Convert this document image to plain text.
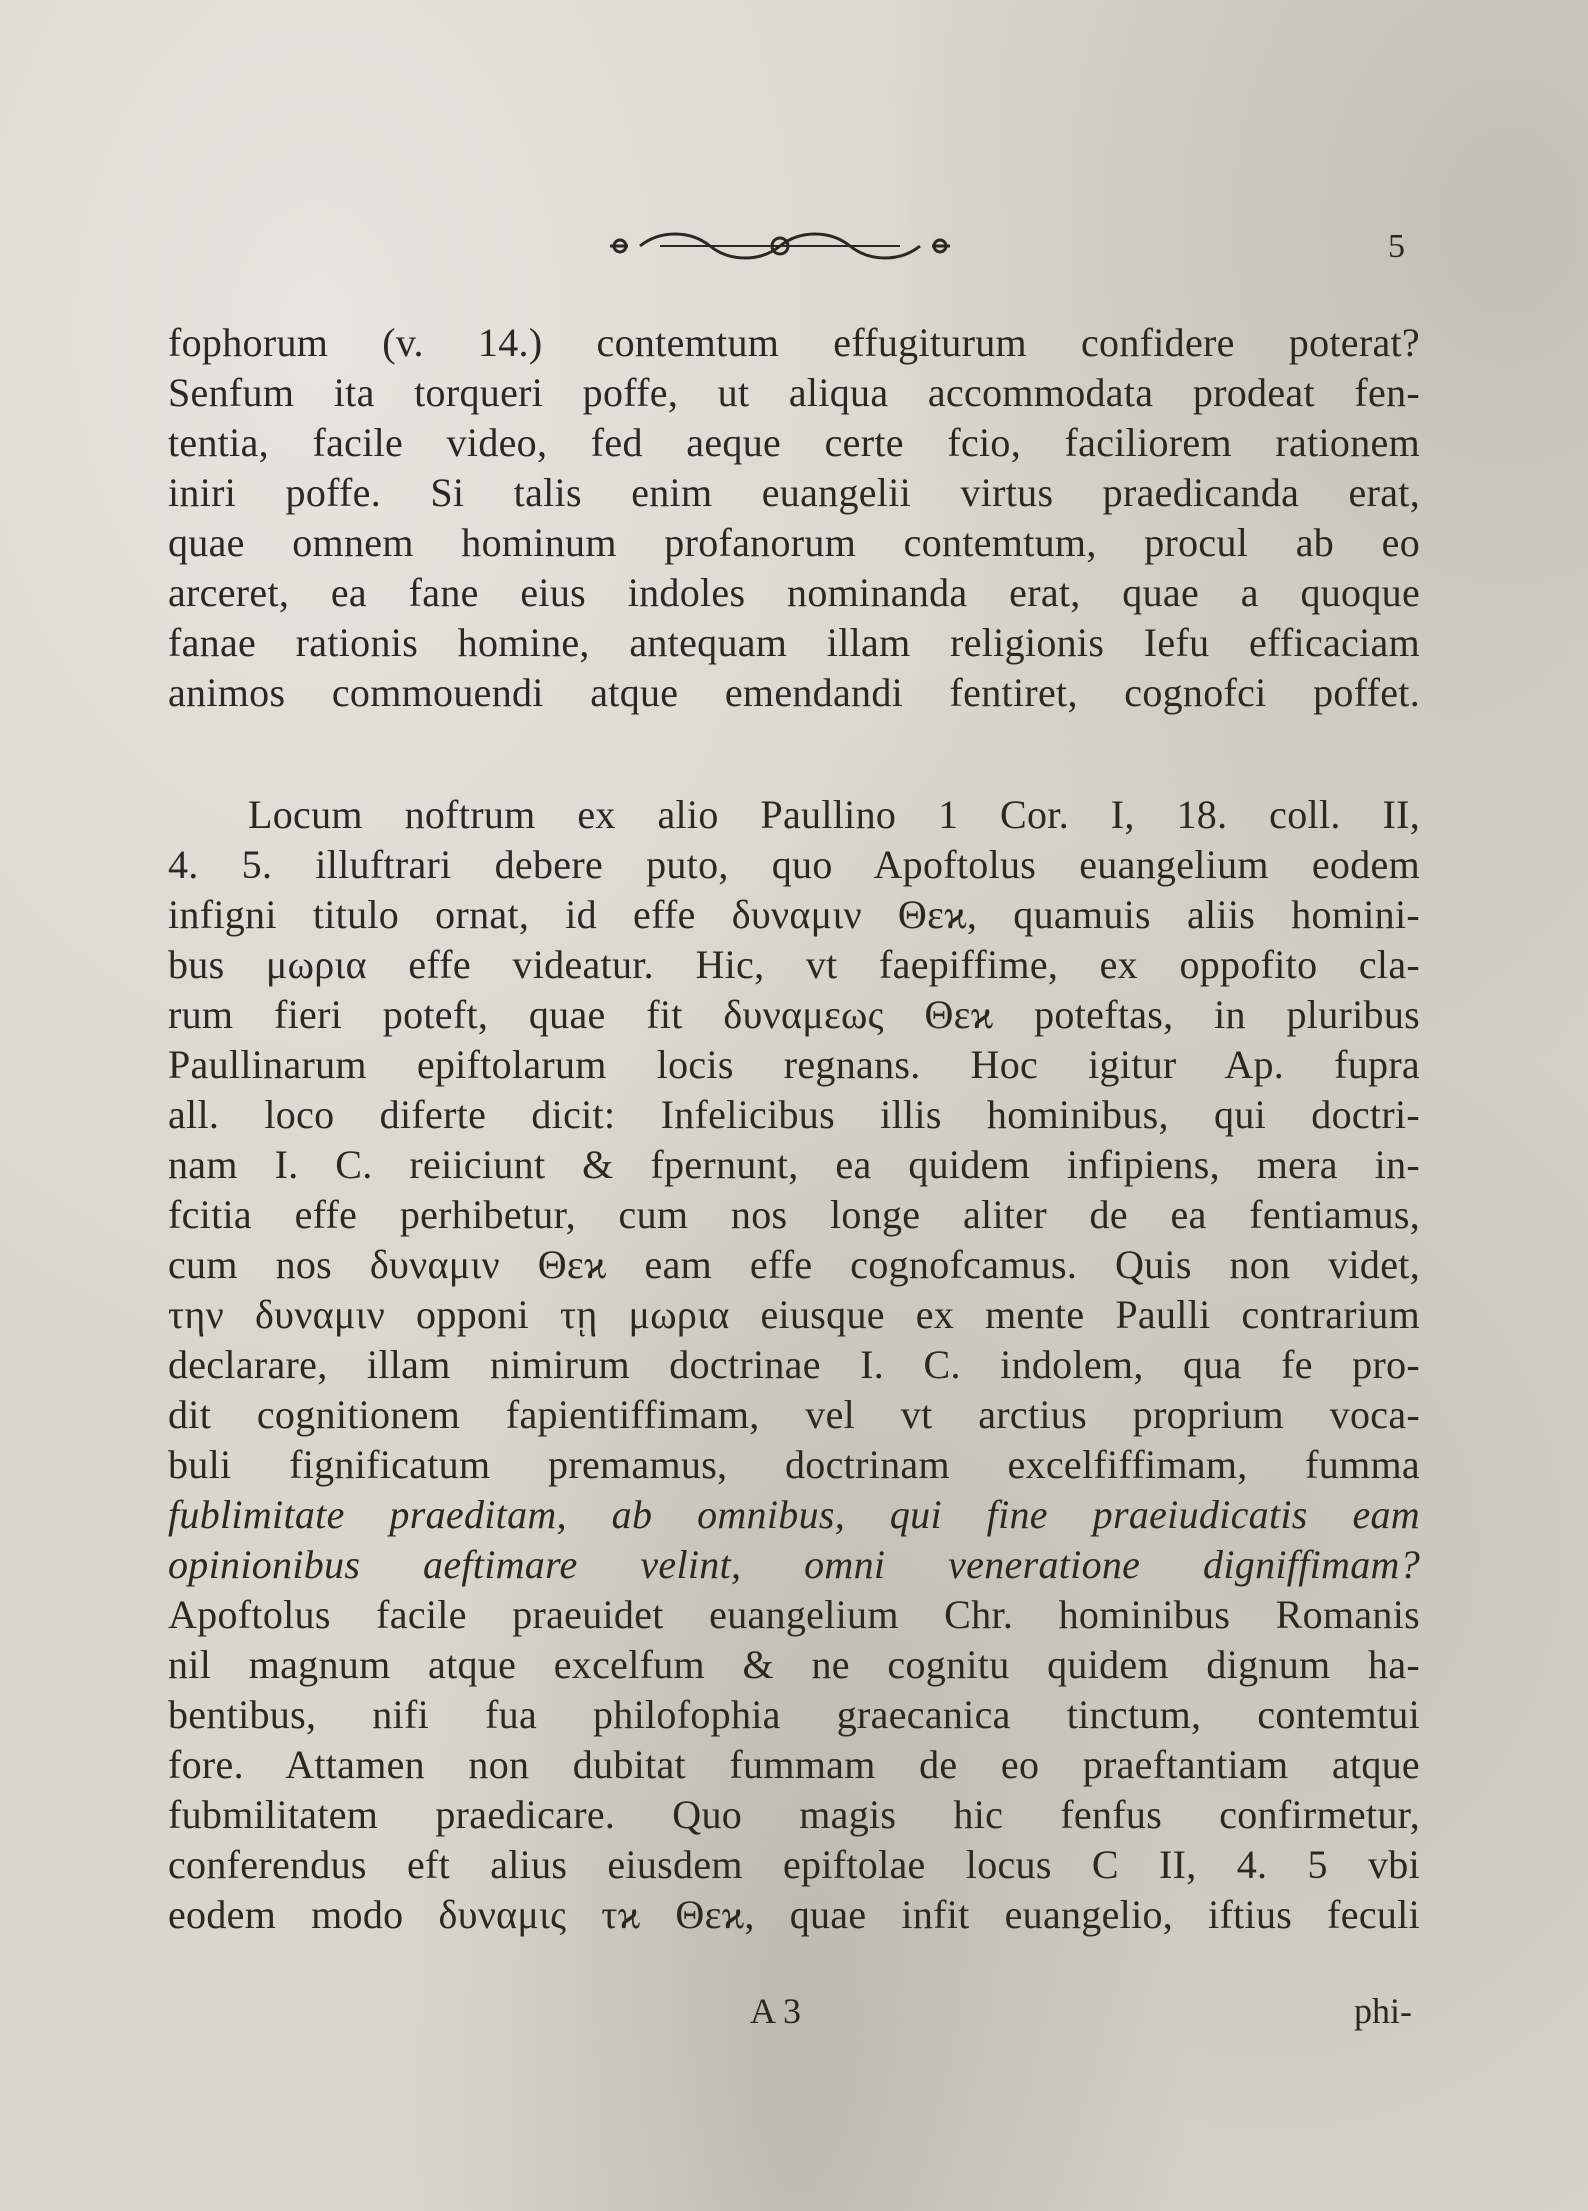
5
fophorum (v. 14.) contemtum effugiturum confidere poterat?
Senfum ita torqueri poffe, ut aliqua accommodata prodeat fen-
tentia, facile video, fed aeque certe fcio, faciliorem rationem
iniri poffe. Si talis enim euangelii virtus praedicanda erat,
quae omnem hominum profanorum contemtum, procul ab eo
arceret, ea fane eius indoles nominanda erat, quae a quoque
fanae rationis homine, antequam illam religionis Iefu efficaciam
animos commouendi atque emendandi fentiret, cognofci poffet.
Locum noftrum ex alio Paullino 1 Cor. I, 18. coll. II,
4. 5. illuftrari debere puto, quo Apoftolus euangelium eodem
infigni titulo ornat, id effe δυναμιν Θεϰ, quamuis aliis homini-
bus μωρια effe videatur. Hic, vt faepiffime, ex oppofito cla-
rum fieri poteft, quae fit δυναμεως Θεϰ poteftas, in pluribus
Paullinarum epiftolarum locis regnans. Hoc igitur Ap. fupra
all. loco diferte dicit: Infelicibus illis hominibus, qui doctri-
nam I. C. reiiciunt & fpernunt, ea quidem infipiens, mera in-
fcitia effe perhibetur, cum nos longe aliter de ea fentiamus,
cum nos δυναμιν Θεϰ eam effe cognofcamus. Quis non videt,
την δυναμιν opponi τῃ μωρια eiusque ex mente Paulli contrarium
declarare, illam nimirum doctrinae I. C. indolem, qua fe pro-
dit cognitionem fapientiffimam, vel vt arctius proprium voca-
buli fignificatum premamus, doctrinam excelfiffimam, fumma
fublimitate praeditam, ab omnibus, qui fine praeiudicatis eam
opinionibus aeftimare velint, omni veneratione digniffimam?
Apoftolus facile praeuidet euangelium Chr. hominibus Romanis
nil magnum atque excelfum & ne cognitu quidem dignum ha-
bentibus, nifi fua philofophia graecanica tinctum, contemtui
fore. Attamen non dubitat fummam de eo praeftantiam atque
fubmilitatem praedicare. Quo magis hic fenfus confirmetur,
conferendus eft alius eiusdem epiftolae locus C II, 4. 5 vbi
eodem modo δυναμις τϰ Θεϰ, quae infit euangelio, iftius feculi
A 3	phi-
